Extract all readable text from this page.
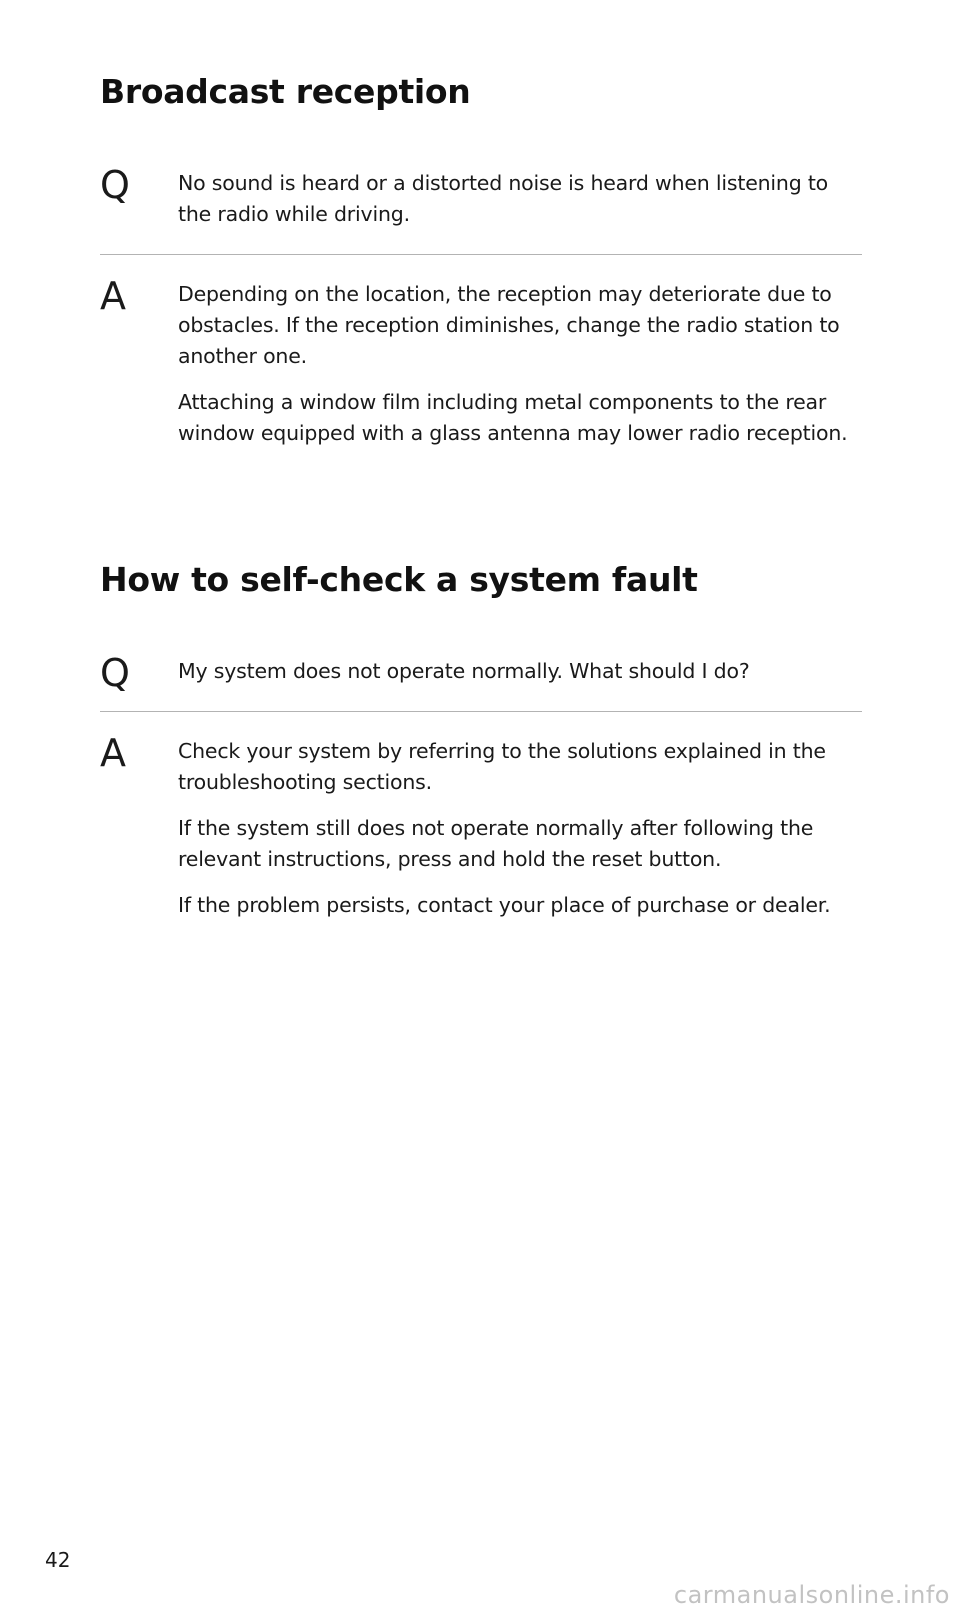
Broadcast reception
Q No sound is heard or a distorted noise is heard when listening to the radio while driving.

A	Depending on the location, the reception may deteriorate due to obstacles. If the reception diminishes, change the radio station to another one.

Attaching a window film including metal components to the rear window equipped with a glass antenna may lower radio reception.

How to self-check a system fault
Q My system does not operate normally. What should I do?

A	Check your system by referring to the solutions explained in the troubleshooting sections.

If the system still does not operate normally after following the relevant instructions, press and hold the reset button.

If the problem persists, contact your place of purchase or dealer.

42
carmanualsonline.info
